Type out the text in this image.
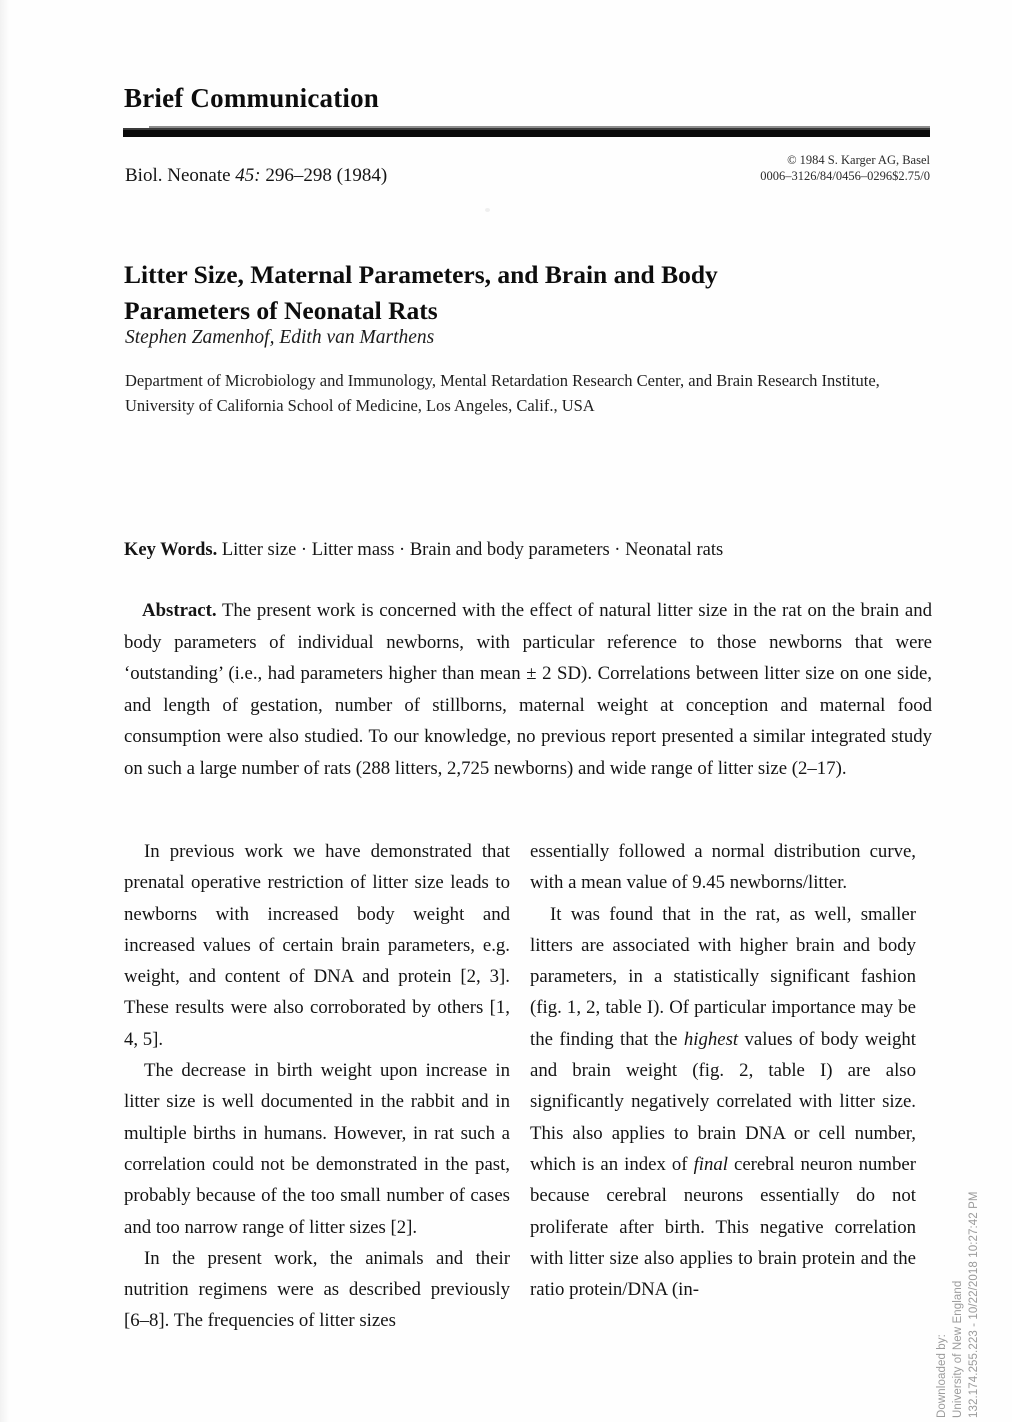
Brief Communication
Biol. Neonate 45: 296–298 (1984)
© 1984 S. Karger AG, Basel
0006–3126/84/0456–0296$2.75/0
Litter Size, Maternal Parameters, and Brain and Body Parameters of Neonatal Rats
Stephen Zamenhof, Edith van Marthens
Department of Microbiology and Immunology, Mental Retardation Research Center, and Brain Research Institute, University of California School of Medicine, Los Angeles, Calif., USA
Key Words. Litter size · Litter mass · Brain and body parameters · Neonatal rats
Abstract. The present work is concerned with the effect of natural litter size in the rat on the brain and body parameters of individual newborns, with particular reference to those newborns that were ‘outstanding’ (i.e., had parameters higher than mean ± 2 SD). Correlations between litter size on one side, and length of gestation, number of stillborns, maternal weight at conception and maternal food consumption were also studied. To our knowledge, no previous report presented a similar integrated study on such a large number of rats (288 litters, 2,725 newborns) and wide range of litter size (2–17).

In previous work we have demonstrated that prenatal operative restriction of litter size leads to newborns with increased body weight and increased values of certain brain parameters, e.g. weight, and content of DNA and protein [2, 3]. These results were also corroborated by others [1, 4, 5].

The decrease in birth weight upon increase in litter size is well documented in the rabbit and in multiple births in humans. However, in rat such a correlation could not be demonstrated in the past, probably because of the too small number of cases and too narrow range of litter sizes [2].

In the present work, the animals and their nutrition regimens were as described previously [6–8]. The frequencies of litter sizes

essentially followed a normal distribution curve, with a mean value of 9.45 newborns/litter.

It was found that in the rat, as well, smaller litters are associated with higher brain and body parameters, in a statistically significant fashion (fig. 1, 2, table I). Of particular importance may be the finding that the highest values of body weight and brain weight (fig. 2, table I) are also significantly negatively correlated with litter size. This also applies to brain DNA or cell number, which is an index of final cerebral neuron number because cerebral neurons essentially do not proliferate after birth. This negative correlation with litter size also applies to brain protein and the ratio protein/DNA (in-

Downloaded by: University of New England 132.174.255.223 - 10/22/2018 10:27:42 PM
